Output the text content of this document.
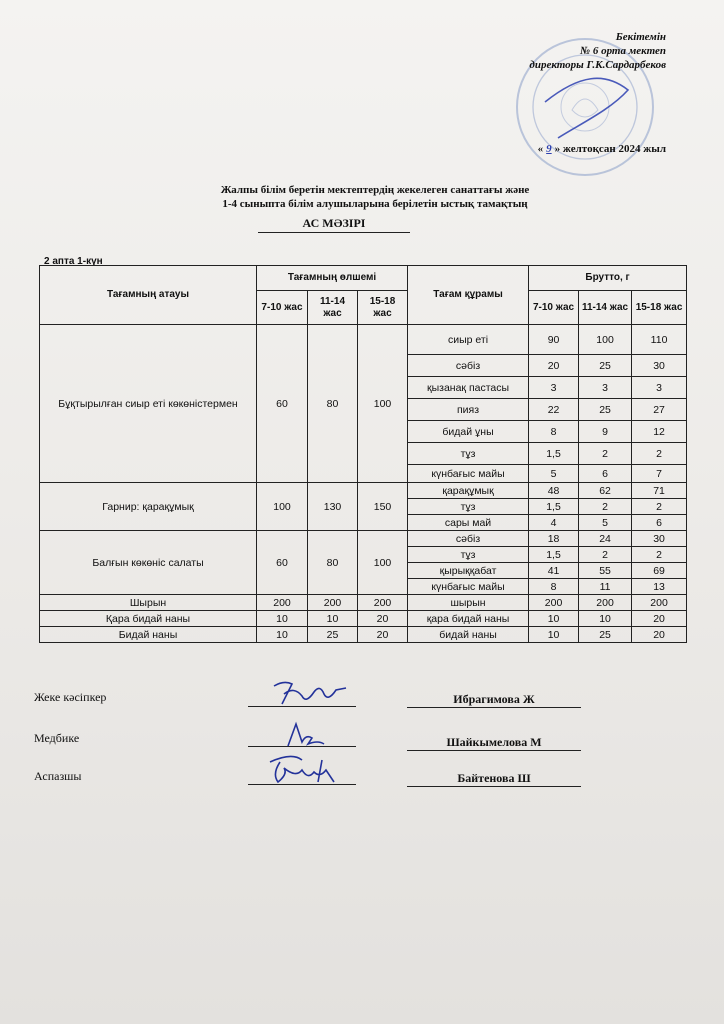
Бекітемін
№ 6 орта мектеп
директоры Г.К.Сардарбеков
« 9 » желтоқсан 2024 жыл
Жалпы білім беретін мектептердің жекелеген санаттағы және
1-4 сыныпта білім алушыларына берілетін ыстық тамақтың
АС МӘЗІРІ
2 апта 1-күн
Тағамның атауы	Тағамның өлшемі			Тағам құрамы	Брутто, г		
	7-10 жас	11-14 жас	15-18 жас		7-10 жас	11-14 жас	15-18 жас
Бұқтырылған сиыр еті көкөністермен	60	80	100	сиыр еті	90	100	110
				сәбіз	20	25	30
				қызанақ пастасы	3	3	3
				пияз	22	25	27
				бидай ұны	8	9	12
				тұз	1,5	2	2
				күнбағыс майы	5	6	7
Гарнир: қарақұмық	100	130	150	қарақұмық	48	62	71
				тұз	1,5	2	2
				сары май	4	5	6
Балғын көкөніс салаты	60	80	100	сәбіз	18	24	30
				тұз	1,5	2	2
				қырыққабат	41	55	69
				күнбағыс майы	8	11	13
Шырын	200	200	200	шырын	200	200	200
Қара бидай наны	10	10	20	қара бидай наны	10	10	20
Бидай наны	10	25	20	бидай наны	10	25	20
Жеке кәсіпкер	Ибрагимова Ж
Медбике	Шайкымелова М
Аспазшы	Байтенова Ш
